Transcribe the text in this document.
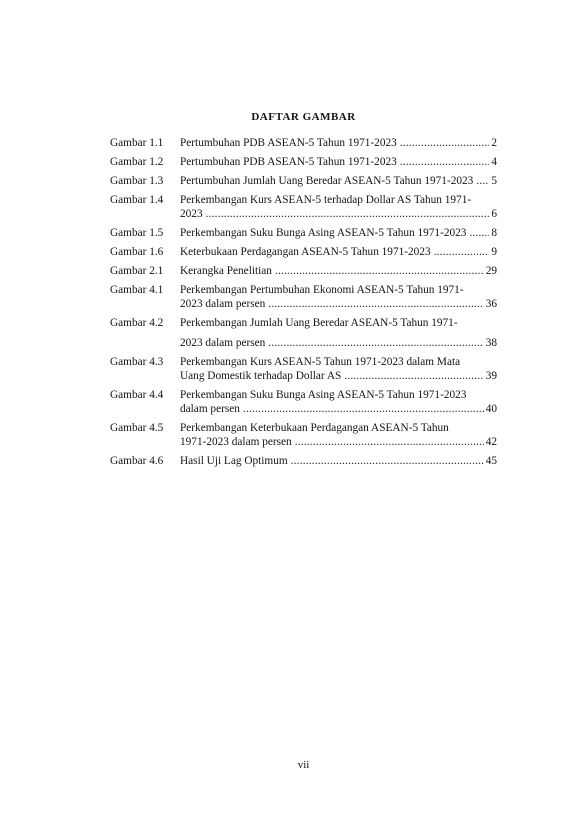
DAFTAR GAMBAR
Gambar 1.1 Pertumbuhan PDB ASEAN-5 Tahun 1971-2023 .....	2
Gambar 1.2 Pertumbuhan PDB ASEAN-5 Tahun 1971-2023 .....	4
Gambar 1.3 Pertumbuhan Jumlah Uang Beredar ASEAN-5 Tahun 1971-2023 ..... 5
Gambar 1.4 Perkembangan Kurs ASEAN-5 terhadap Dollar AS Tahun 1971-
2023 .....	6
Gambar 1.5 Perkembangan Suku Bunga Asing ASEAN-5 Tahun 1971-2023 ..... 8
Gambar 1.6 Keterbukaan Perdagangan ASEAN-5 Tahun 1971-2023 .....	9
Gambar 2.1 Kerangka Penelitian .....	29
Gambar 4.1 Perkembangan Pertumbuhan Ekonomi ASEAN-5 Tahun 1971-
2023 dalam persen .....	36
Gambar 4.2 Perkembangan Jumlah Uang Beredar ASEAN-5 Tahun 1971-
2023 dalam persen .....	38
Gambar 4.3 Perkembangan Kurs ASEAN-5 Tahun 1971-2023 dalam Mata
Uang Domestik terhadap Dollar AS .....	39
Gambar 4.4 Perkembangan Suku Bunga Asing ASEAN-5 Tahun 1971-2023
dalam persen .....	40
Gambar 4.5 Perkembangan Keterbukaan Perdagangan ASEAN-5 Tahun
1971-2023 dalam persen .....	42
Gambar 4.6 Hasil Uji Lag Optimum .....	45
vii
